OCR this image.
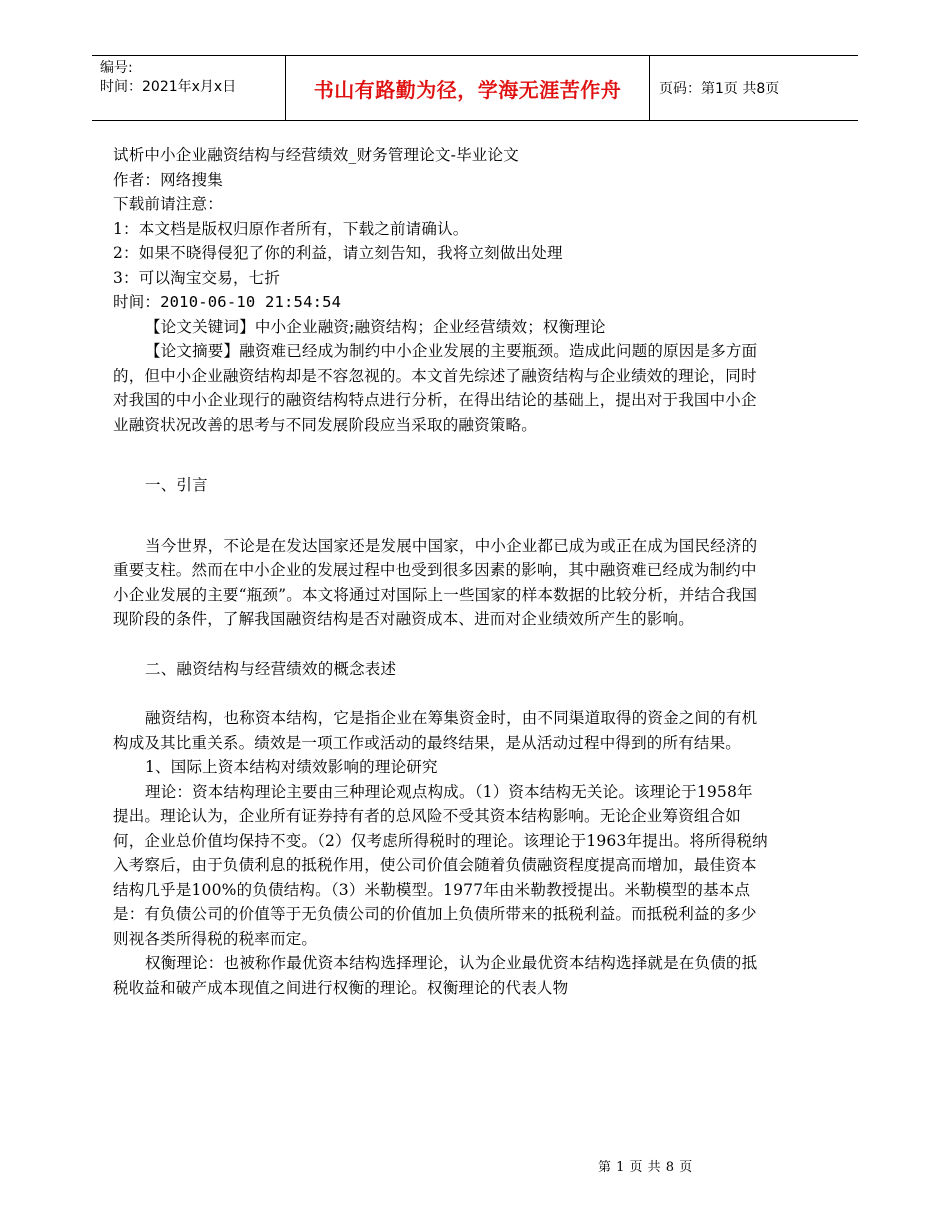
编号:
时间：2021年x月x日	书山有路勤为径，学海无涯苦作舟	页码：第1页 共8页

试析中小企业融资结构与经营绩效_财务管理论文-毕业论文

作者：网络搜集

下载前请注意：

1：本文档是版权归原作者所有，下载之前请确认。

2：如果不晓得侵犯了你的利益，请立刻告知，我将立刻做出处理

3：可以淘宝交易，七折

时间：2010-06-10 21:54:54

【论文关键词】中小企业融资;融资结构；企业经营绩效；权衡理论

【论文摘要】融资难已经成为制约中小企业发展的主要瓶颈。造成此问题的原因是多方面的，但中小企业融资结构却是不容忽视的。本文首先综述了融资结构与企业绩效的理论，同时对我国的中小企业现行的融资结构特点进行分析，在得出结论的基础上，提出对于我国中小企业融资状况改善的思考与不同发展阶段应当采取的融资策略。

一、引言

当今世界，不论是在发达国家还是发展中国家，中小企业都已成为或正在成为国民经济的重要支柱。然而在中小企业的发展过程中也受到很多因素的影响，其中融资难已经成为制约中小企业发展的主要“瓶颈”。本文将通过对国际上一些国家的样本数据的比较分析，并结合我国现阶段的条件，了解我国融资结构是否对融资成本、进而对企业绩效所产生的影响。

二、融资结构与经营绩效的概念表述

融资结构，也称资本结构，它是指企业在筹集资金时，由不同渠道取得的资金之间的有机构成及其比重关系。绩效是一项工作或活动的最终结果，是从活动过程中得到的所有结果。

1、国际上资本结构对绩效影响的理论研究

理论：资本结构理论主要由三种理论观点构成。（1）资本结构无关论。该理论于1958年提出。理论认为，企业所有证券持有者的总风险不受其资本结构影响。无论企业筹资组合如何，企业总价值均保持不变。（2）仅考虑所得税时的理论。该理论于1963年提出。将所得税纳入考察后，由于负债利息的抵税作用，使公司价值会随着负债融资程度提高而增加，最佳资本结构几乎是100%的负债结构。（3）米勒模型。1977年由米勒教授提出。米勒模型的基本点是：有负债公司的价值等于无负债公司的价值加上负债所带来的抵税利益。而抵税利益的多少则视各类所得税的税率而定。

权衡理论：也被称作最优资本结构选择理论，认为企业最优资本结构选择就是在负债的抵税收益和破产成本现值之间进行权衡的理论。权衡理论的代表人物

第 1 页 共 8 页
